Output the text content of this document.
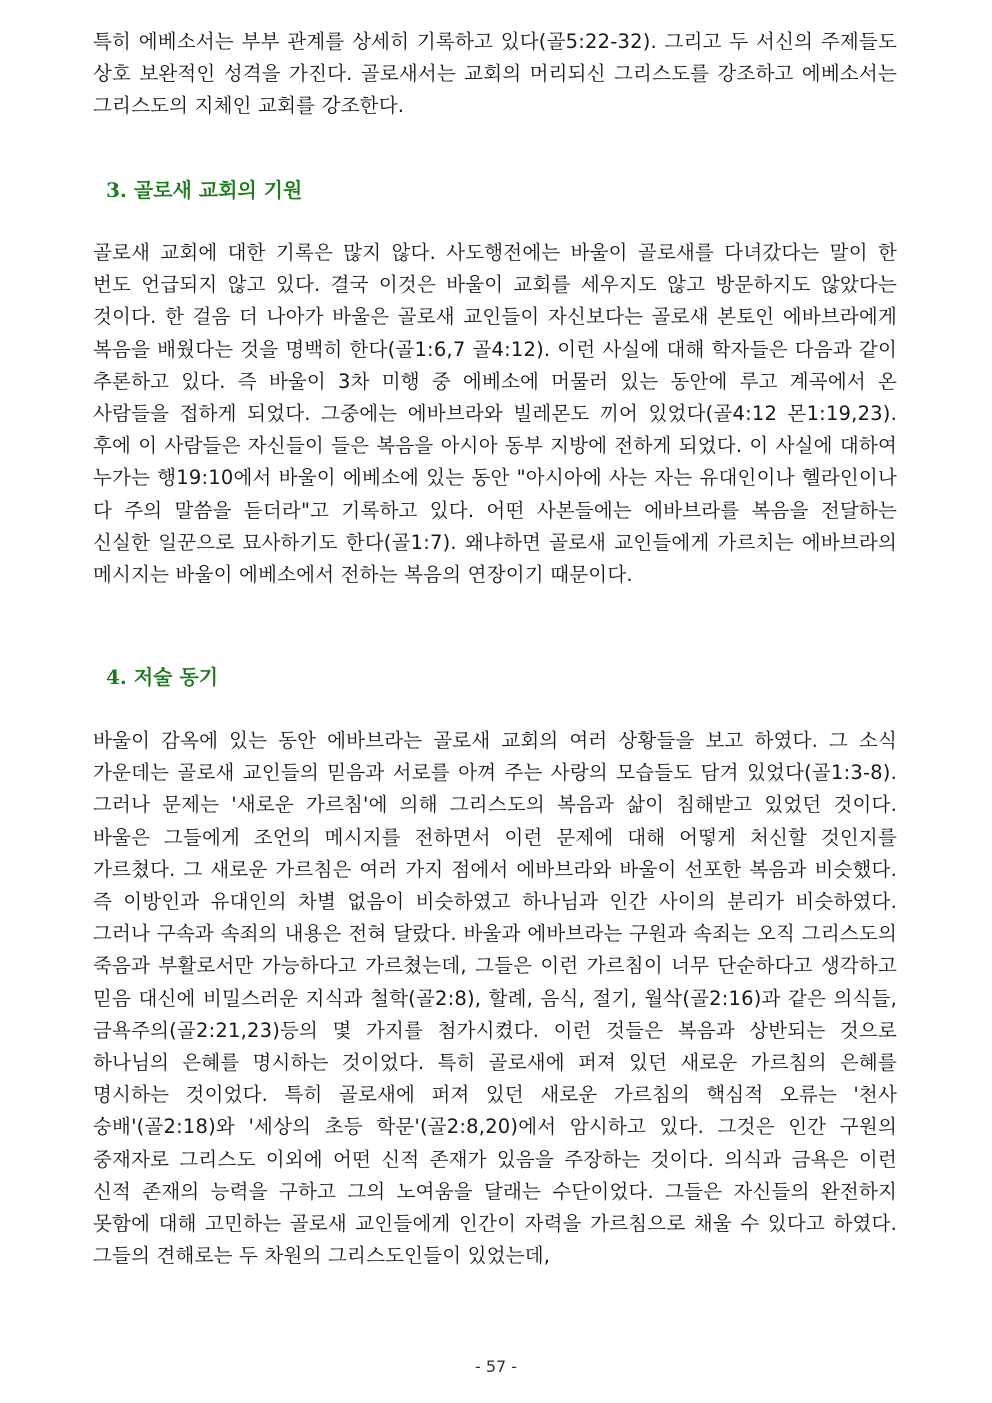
특히 에베소서는 부부 관계를 상세히 기록하고 있다(골5:22-32). 그리고 두 서신의 주제들도 상호 보완적인 성격을 가진다. 골로새서는 교회의 머리되신 그리스도를 강조하고 에베소서는 그리스도의 지체인 교회를 강조한다.

3. 골로새 교회의 기원

골로새 교회에 대한 기록은 많지 않다. 사도행전에는 바울이 골로새를 다녀갔다는 말이 한 번도 언급되지 않고 있다. 결국 이것은 바울이 교회를 세우지도 않고 방문하지도 않았다는 것이다. 한 걸음 더 나아가 바울은 골로새 교인들이 자신보다는 골로새 본토인 에바브라에게 복음을 배웠다는 것을 명백히 한다(골1:6,7 골4:12). 이런 사실에 대해 학자들은 다음과 같이 추론하고 있다. 즉 바울이 3차 미행 중 에베소에 머물러 있는 동안에 루고 계곡에서 온 사람들을 접하게 되었다. 그중에는 에바브라와 빌레몬도 끼어 있었다(골4:12 몬1:19,23). 후에 이 사람들은 자신들이 들은 복음을 아시아 동부 지방에 전하게 되었다. 이 사실에 대하여 누가는 행19:10에서 바울이 에베소에 있는 동안 "아시아에 사는 자는 유대인이나 헬라인이나 다 주의 말씀을 듣더라"고 기록하고 있다. 어떤 사본들에는 에바브라를 복음을 전달하는 신실한 일꾼으로 묘사하기도 한다(골1:7). 왜냐하면 골로새 교인들에게 가르치는 에바브라의 메시지는 바울이 에베소에서 전하는 복음의 연장이기 때문이다.

4. 저술 동기

바울이 감옥에 있는 동안 에바브라는 골로새 교회의 여러 상황들을 보고 하였다. 그 소식 가운데는 골로새 교인들의 믿음과 서로를 아껴 주는 사랑의 모습들도 담겨 있었다(골1:3-8). 그러나 문제는 '새로운 가르침'에 의해 그리스도의 복음과 삶이 침해받고 있었던 것이다. 바울은 그들에게 조언의 메시지를 전하면서 이런 문제에 대해 어떻게 처신할 것인지를 가르쳤다. 그 새로운 가르침은 여러 가지 점에서 에바브라와 바울이 선포한 복음과 비슷했다. 즉 이방인과 유대인의 차별 없음이 비슷하였고 하나님과 인간 사이의 분리가 비슷하였다. 그러나 구속과 속죄의 내용은 전혀 달랐다. 바울과 에바브라는 구원과 속죄는 오직 그리스도의 죽음과 부활로서만 가능하다고 가르쳤는데, 그들은 이런 가르침이 너무 단순하다고 생각하고 믿음 대신에 비밀스러운 지식과 철학(골2:8), 할례, 음식, 절기, 월삭(골2:16)과 같은 의식들, 금욕주의(골2:21,23)등의 몇 가지를 첨가시켰다. 이런 것들은 복음과 상반되는 것으로 하나님의 은혜를 명시하는 것이었다. 특히 골로새에 퍼져 있던 새로운 가르침의 은혜를 명시하는 것이었다. 특히 골로새에 퍼져 있던 새로운 가르침의 핵심적 오류는 '천사 숭배'(골2:18)와 '세상의 초등 학문'(골2:8,20)에서 암시하고 있다. 그것은 인간 구원의 중재자로 그리스도 이외에 어떤 신적 존재가 있음을 주장하는 것이다. 의식과 금욕은 이런 신적 존재의 능력을 구하고 그의 노여움을 달래는 수단이었다. 그들은 자신들의 완전하지 못함에 대해 고민하는 골로새 교인들에게 인간이 자력을 가르침으로 채울 수 있다고 하였다. 그들의 견해로는 두 차원의 그리스도인들이 있었는데,

- 57 -
